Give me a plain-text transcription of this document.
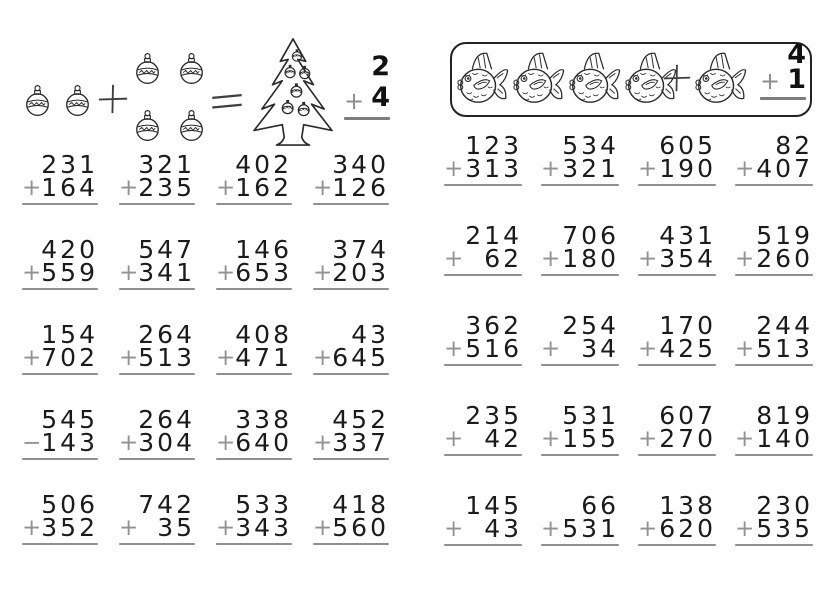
2
+ 4
4
+ 1
231
+ 164
321
+ 235
402
+ 162
340
+ 126
420
+ 559
547
+ 341
146
+ 653
374
+ 203
154
+ 702
264
+ 513
408
+ 471
43
+ 645
545
− 143
264
+ 304
338
+ 640
452
+ 337
506
+ 352
742
+ 35
533
+ 343
418
+ 560
123
+ 313
534
+ 321
605
+ 190
82
+ 407
214
+ 62
706
+ 180
431
+ 354
519
+ 260
362
+ 516
254
+ 34
170
+ 425
244
+ 513
235
+ 42
531
+ 155
607
+ 270
819
+ 140
145
+ 43
66
+ 531
138
+ 620
230
+ 535
